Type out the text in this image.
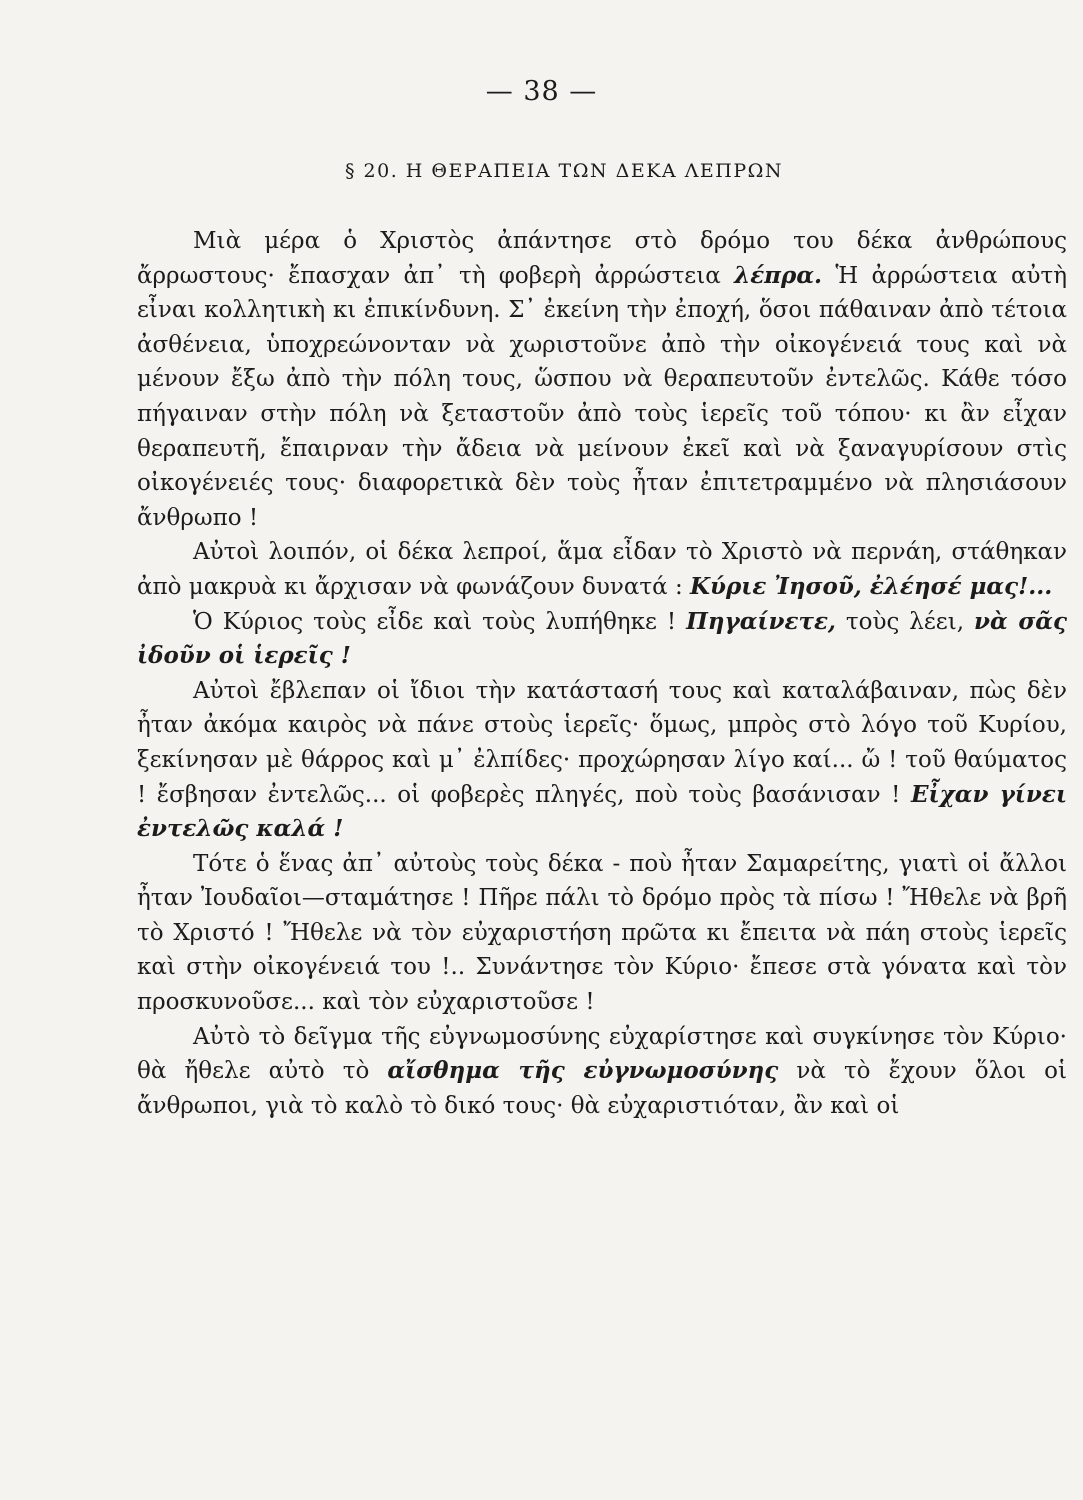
— 38 —
§ 20. Η ΘΕΡΑΠΕΙΑ ΤΩΝ ΔΕΚΑ ΛΕΠΡΩΝ

Μιὰ μέρα ὁ Χριστὸς ἀπάντησε στὸ δρόμο του δέκα ἀνθρώπους ἄρρωστους· ἔπασχαν ἀπ᾽ τὴ φοβερὴ ἀρρώστεια λέπρα. Ἡ ἀρρώστεια αὐτὴ εἶναι κολλητικὴ κι ἐπικίνδυνη. Σ᾽ ἐκείνη τὴν ἐποχή, ὅσοι πάθαιναν ἀπὸ τέτοια ἀσθένεια, ὑποχρεώνονταν νὰ χωριστοῦνε ἀπὸ τὴν οἰκογένειά τους καὶ νὰ μένουν ἔξω ἀπὸ τὴν πόλη τους, ὥσπου νὰ θεραπευτοῦν ἐντελῶς. Κάθε τόσο πήγαιναν στὴν πόλη νὰ ξεταστοῦν ἀπὸ τοὺς ἱερεῖς τοῦ τόπου· κι ἂν εἶχαν θεραπευτῆ, ἔπαιρναν τὴν ἄδεια νὰ μείνουν ἐκεῖ καὶ νὰ ξαναγυρίσουν στὶς οἰκογένειές τους· διαφορετικὰ δὲν τοὺς ἦταν ἐπιτετραμμένο νὰ πλησιάσουν ἄνθρωπο !

Αὐτοὶ λοιπόν, οἱ δέκα λεπροί, ἅμα εἶδαν τὸ Χριστὸ νὰ περνάη, στάθηκαν ἀπὸ μακρυὰ κι ἄρχισαν νὰ φωνάζουν δυνατά : Κύριε Ἰησοῦ, ἐλέησέ μας!...

Ὁ Κύριος τοὺς εἶδε καὶ τοὺς λυπήθηκε ! Πηγαίνετε, τοὺς λέει, νὰ σᾶς ἰδοῦν οἱ ἱερεῖς !

Αὐτοὶ ἔβλεπαν οἱ ἴδιοι τὴν κατάστασή τους καὶ καταλάβαιναν, πὼς δὲν ἦταν ἀκόμα καιρὸς νὰ πάνε στοὺς ἱερεῖς· ὅμως, μπρὸς στὸ λόγο τοῦ Κυρίου, ξεκίνησαν μὲ θάρρος καὶ μ᾽ ἐλπίδες· προχώρησαν λίγο καί... ὤ ! τοῦ θαύματος ! ἔσβησαν ἐντελῶς... οἱ φοβερὲς πληγές, ποὺ τοὺς βασάνισαν ! Εἶχαν γίνει ἐντελῶς καλά !

Τότε ὁ ἕνας ἀπ᾽ αὐτοὺς τοὺς δέκα - ποὺ ἦταν Σαμαρείτης, γιατὶ οἱ ἄλλοι ἦταν Ἰουδαῖοι—σταμάτησε ! Πῆρε πάλι τὸ δρόμο πρὸς τὰ πίσω ! Ἤθελε νὰ βρῆ τὸ Χριστό ! Ἤθελε νὰ τὸν εὐχαριστήση πρῶτα κι ἔπειτα νὰ πάη στοὺς ἱερεῖς καὶ στὴν οἰκογένειά του !.. Συνάντησε τὸν Κύριο· ἔπεσε στὰ γόνατα καὶ τὸν προσκυνοῦσε... καὶ τὸν εὐχαριστοῦσε !

Αὐτὸ τὸ δεῖγμα τῆς εὐγνωμοσύνης εὐχαρίστησε καὶ συγκίνησε τὸν Κύριο· θὰ ἤθελε αὐτὸ τὸ αἴσθημα τῆς εὐγνωμοσύνης νὰ τὸ ἔχουν ὅλοι οἱ ἄνθρωποι, γιὰ τὸ καλὸ τὸ δικό τους· θὰ εὐχαριστιόταν, ἂν καὶ οἱ
